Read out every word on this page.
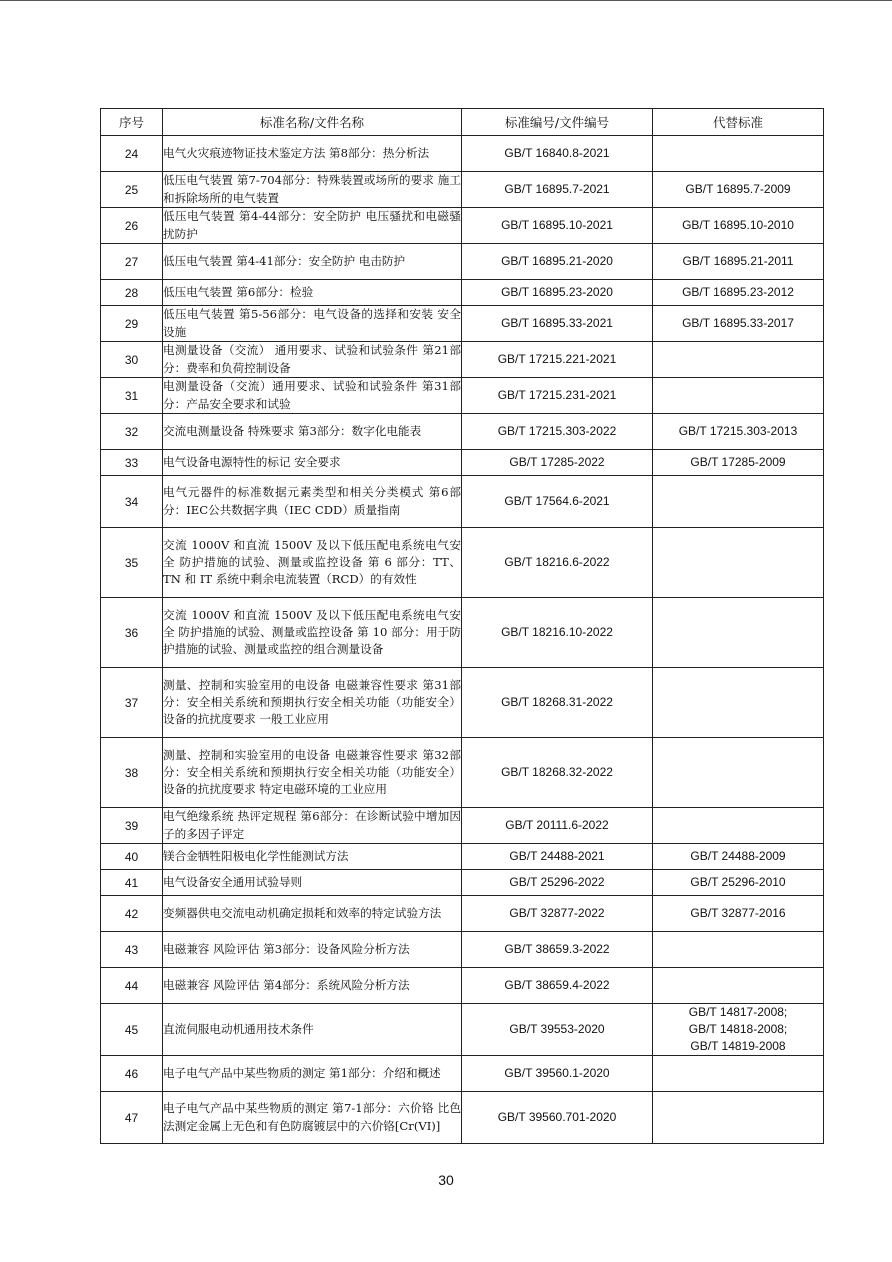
序号	标准名称/文件名称	标准编号/文件编号	代替标准
24	电气火灾痕迹物证技术鉴定方法 第8部分：热分析法	GB/T 16840.8-2021	
25	低压电气装置 第7-704部分：特殊装置或场所的要求 施工和拆除场所的电气装置	GB/T 16895.7-2021	GB/T 16895.7-2009
26	低压电气装置 第4-44部分：安全防护 电压骚扰和电磁骚扰防护	GB/T 16895.10-2021	GB/T 16895.10-2010
27	低压电气装置 第4-41部分：安全防护 电击防护	GB/T 16895.21-2020	GB/T 16895.21-2011
28	低压电气装置 第6部分：检验	GB/T 16895.23-2020	GB/T 16895.23-2012
29	低压电气装置 第5-56部分：电气设备的选择和安装 安全设施	GB/T 16895.33-2021	GB/T 16895.33-2017
30	电测量设备（交流） 通用要求、试验和试验条件 第21部分：费率和负荷控制设备	GB/T 17215.221-2021	
31	电测量设备（交流）通用要求、试验和试验条件 第31部分：产品安全要求和试验	GB/T 17215.231-2021	
32	交流电测量设备 特殊要求 第3部分：数字化电能表	GB/T 17215.303-2022	GB/T 17215.303-2013
33	电气设备电源特性的标记 安全要求	GB/T 17285-2022	GB/T 17285-2009
34	电气元器件的标准数据元素类型和相关分类模式 第6部分：IEC公共数据字典（IEC CDD）质量指南	GB/T 17564.6-2021	
35	交流 1000V 和直流 1500V 及以下低压配电系统电气安全 防护措施的试验、测量或监控设备 第 6 部分：TT、TN 和 IT 系统中剩余电流装置（RCD）的有效性	GB/T 18216.6-2022	
36	交流 1000V 和直流 1500V 及以下低压配电系统电气安全 防护措施的试验、测量或监控设备 第 10 部分：用于防护措施的试验、测量或监控的组合测量设备	GB/T 18216.10-2022	
37	测量、控制和实验室用的电设备 电磁兼容性要求 第31部分：安全相关系统和预期执行安全相关功能（功能安全）设备的抗扰度要求 一般工业应用	GB/T 18268.31-2022	
38	测量、控制和实验室用的电设备 电磁兼容性要求 第32部分：安全相关系统和预期执行安全相关功能（功能安全）设备的抗扰度要求 特定电磁环境的工业应用	GB/T 18268.32-2022	
39	电气绝缘系统 热评定规程 第6部分：在诊断试验中增加因子的多因子评定	GB/T 20111.6-2022	
40	镁合金牺牲阳极电化学性能测试方法	GB/T 24488-2021	GB/T 24488-2009
41	电气设备安全通用试验导则	GB/T 25296-2022	GB/T 25296-2010
42	变频器供电交流电动机确定损耗和效率的特定试验方法	GB/T 32877-2022	GB/T 32877-2016
43	电磁兼容 风险评估 第3部分：设备风险分析方法	GB/T 38659.3-2022	
44	电磁兼容 风险评估 第4部分：系统风险分析方法	GB/T 38659.4-2022	
45	直流伺服电动机通用技术条件	GB/T 39553-2020	GB/T 14817-2008;
GB/T 14818-2008;
GB/T 14819-2008
46	电子电气产品中某些物质的测定 第1部分：介绍和概述	GB/T 39560.1-2020	
47	电子电气产品中某些物质的测定 第7-1部分：六价铬 比色法测定金属上无色和有色防腐镀层中的六价铬[Cr(VI)]	GB/T 39560.701-2020	
30
